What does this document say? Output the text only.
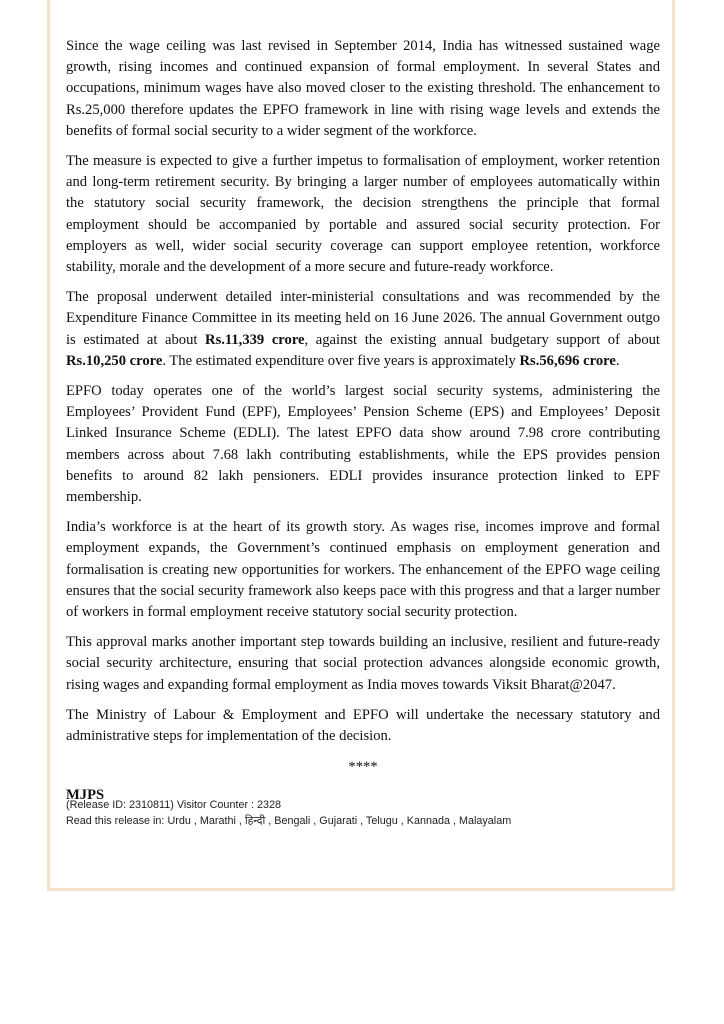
Since the wage ceiling was last revised in September 2014, India has witnessed sustained wage growth, rising incomes and continued expansion of formal employment. In several States and occupations, minimum wages have also moved closer to the existing threshold. The enhancement to Rs.25,000 therefore updates the EPFO framework in line with rising wage levels and extends the benefits of formal social security to a wider segment of the workforce.

The measure is expected to give a further impetus to formalisation of employment, worker retention and long-term retirement security. By bringing a larger number of employees automatically within the statutory social security framework, the decision strengthens the principle that formal employment should be accompanied by portable and assured social security protection. For employers as well, wider social security coverage can support employee retention, workforce stability, morale and the development of a more secure and future-ready workforce.

The proposal underwent detailed inter-ministerial consultations and was recommended by the Expenditure Finance Committee in its meeting held on 16 June 2026. The annual Government outgo is estimated at about Rs.11,339 crore, against the existing annual budgetary support of about Rs.10,250 crore. The estimated expenditure over five years is approximately Rs.56,696 crore.

EPFO today operates one of the world’s largest social security systems, administering the Employees’ Provident Fund (EPF), Employees’ Pension Scheme (EPS) and Employees’ Deposit Linked Insurance Scheme (EDLI). The latest EPFO data show around 7.98 crore contributing members across about 7.68 lakh contributing establishments, while the EPS provides pension benefits to around 82 lakh pensioners. EDLI provides insurance protection linked to EPF membership.

India’s workforce is at the heart of its growth story. As wages rise, incomes improve and formal employment expands, the Government’s continued emphasis on employment generation and formalisation is creating new opportunities for workers. The enhancement of the EPFO wage ceiling ensures that the social security framework also keeps pace with this progress and that a larger number of workers in formal employment receive statutory social security protection.

This approval marks another important step towards building an inclusive, resilient and future-ready social security architecture, ensuring that social protection advances alongside economic growth, rising wages and expanding formal employment as India moves towards Viksit Bharat@2047.

The Ministry of Labour & Employment and EPFO will undertake the necessary statutory and administrative steps for implementation of the decision.

****
MJPS
(Release ID: 2310811) Visitor Counter : 2328
Read this release in: Urdu , Marathi , हिन्दी , Bengali , Gujarati , Telugu , Kannada , Malayalam
